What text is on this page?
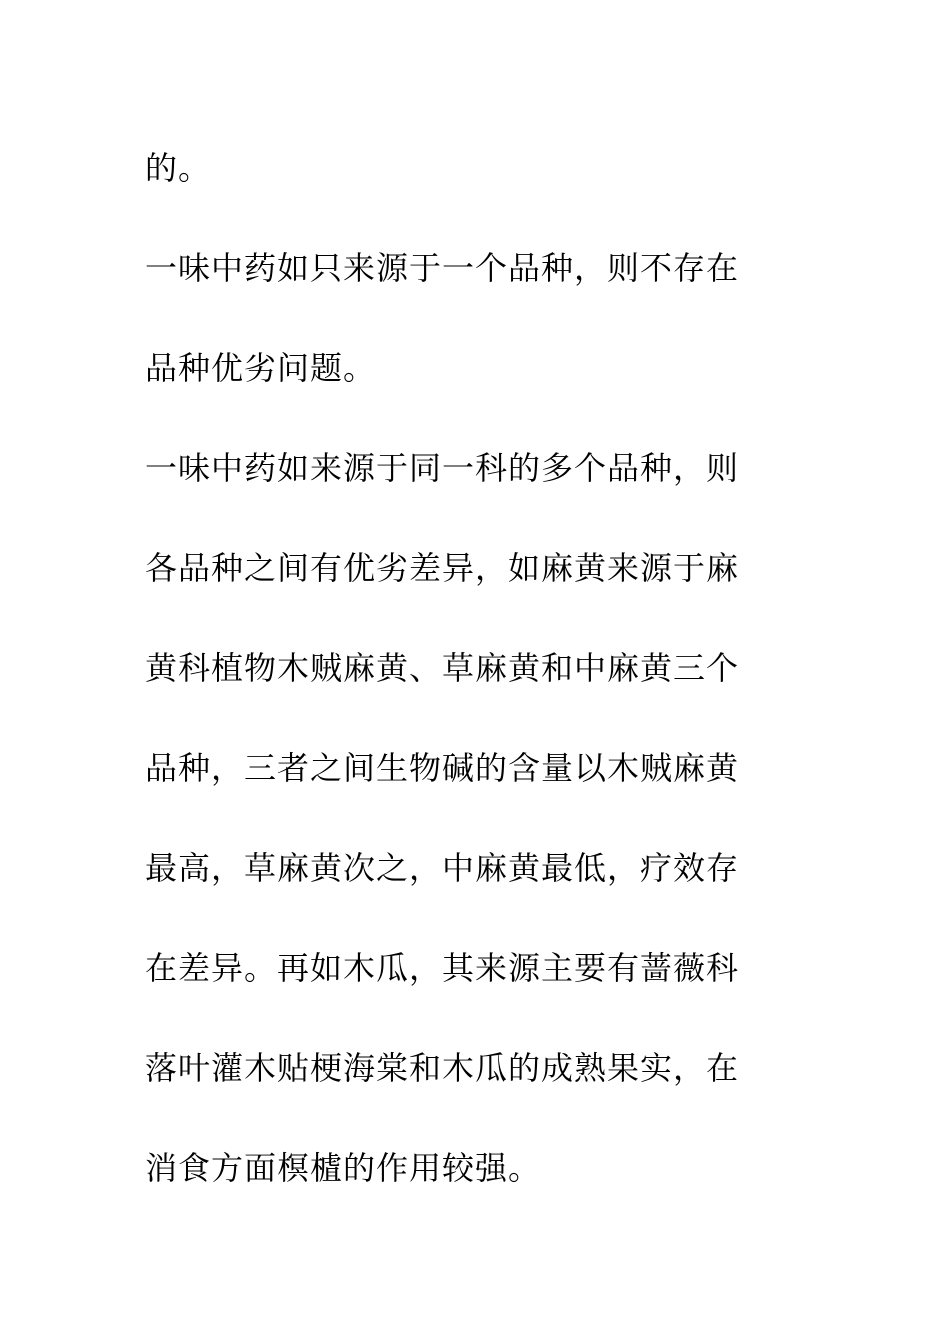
的。
一味中药如只来源于一个品种，则不存在
品种优劣问题。
一味中药如来源于同一科的多个品种，则
各品种之间有优劣差异，如麻黄来源于麻
黄科植物木贼麻黄、草麻黄和中麻黄三个
品种，三者之间生物碱的含量以木贼麻黄
最高，草麻黄次之，中麻黄最低，疗效存
在差异。再如木瓜，其来源主要有蔷薇科
落叶灌木贴梗海棠和木瓜的成熟果实，在
消食方面榠樝的作用较强。
